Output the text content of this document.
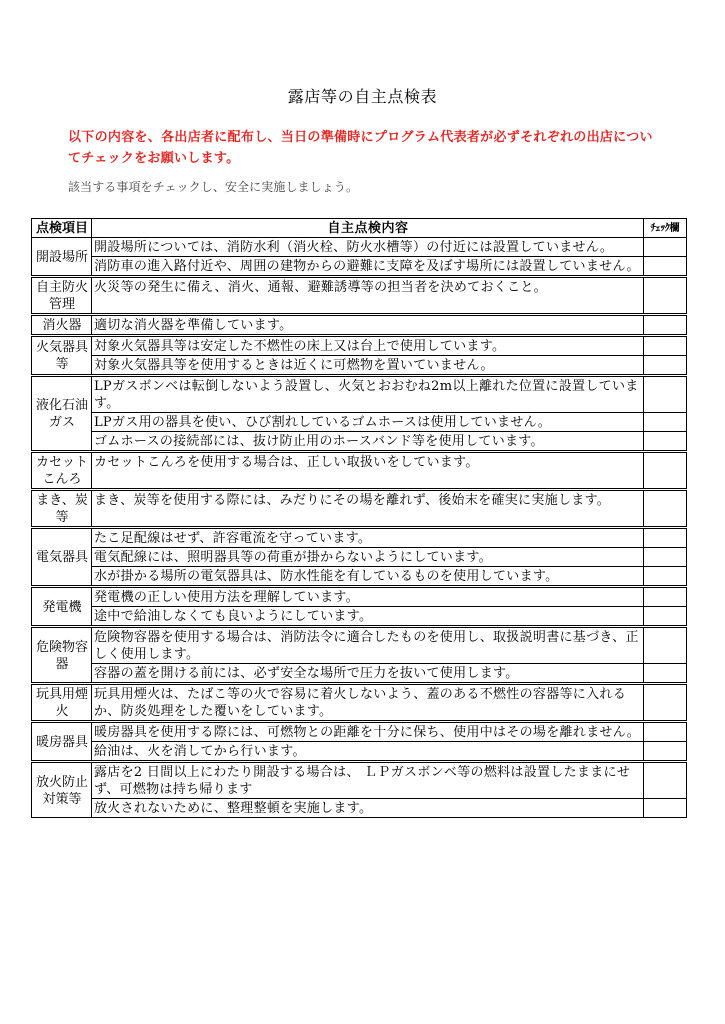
露店等の自主点検表
以下の内容を、各出店者に配布し、当日の準備時にプログラム代表者が必ずそれぞれの出店についてチェックをお願いします。
該当する事項をチェックし、安全に実施しましょう。
点検項目	自主点検内容	ﾁｪｯｸ欄
開設場所	開設場所については、消防水利（消火栓、防火水槽等）の付近には設置していません。	
	消防車の進入路付近や、周囲の建物からの避難に支障を及ぼす場所には設置していません。	
自主防火管理	火災等の発生に備え、消火、通報、避難誘導等の担当者を決めておくこと。	
消火器	適切な消火器を準備しています。	
火気器具等	対象火気器具等は安定した不燃性の床上又は台上で使用しています。	
	対象火気器具等を使用するときは近くに可燃物を置いていません。	
液化石油ガス	LPガスボンベは転倒しないよう設置し、火気とおおむね2m以上離れた位置に設置しています。	
	LPガス用の器具を使い、ひび割れしているゴムホースは使用していません。	
	ゴムホースの接続部には、抜け防止用のホースバンド等を使用しています。	
カセットこんろ	カセットこんろを使用する場合は、正しい取扱いをしています。	
まき、炭等	まき、炭等を使用する際には、みだりにその場を離れず、後始末を確実に実施します。	
電気器具	たこ足配線はせず、許容電流を守っています。	
	電気配線には、照明器具等の荷重が掛からないようにしています。	
	水が掛かる場所の電気器具は、防水性能を有しているものを使用しています。	
発電機	発電機の正しい使用方法を理解しています。	
	途中で給油しなくても良いようにしています。	
危険物容器	危険物容器を使用する場合は、消防法令に適合したものを使用し、取扱説明書に基づき、正しく使用します。	
	容器の蓋を開ける前には、必ず安全な場所で圧力を抜いて使用します。	
玩具用煙火	玩具用煙火は、たばこ等の火で容易に着火しないよう、蓋のある不燃性の容器等に入れるか、防炎処理をした覆いをしています。	
暖房器具	暖房器具を使用する際には、可燃物との距離を十分に保ち、使用中はその場を離れません。	
	給油は、火を消してから行います。	
放火防止対策等	露店を2 日間以上にわたり開設する場合は、 ＬＰガスボンベ等の燃料は設置したままにせず、可燃物は持ち帰ります	
	放火されないために、整理整頓を実施します。	
